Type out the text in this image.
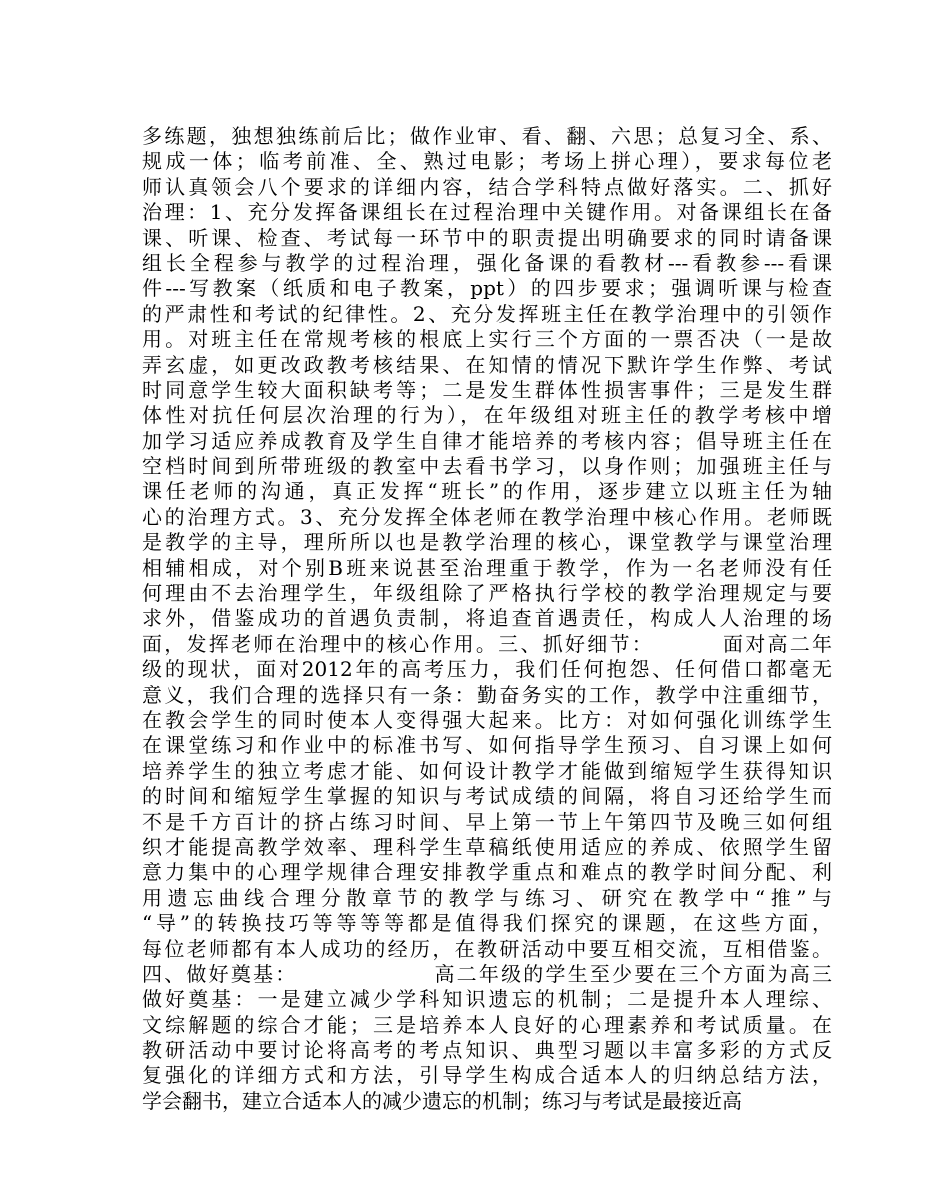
多练题，独想独练前后比；做作业审、看、翻、六思；总复习全、系、
规成一体；临考前准、全、熟过电影；考场上拼心理），要求每位老
师认真领会八个要求的详细内容，结合学科特点做好落实。二、抓好
治理：1、充分发挥备课组长在过程治理中关键作用。对备课组长在备
课、听课、检查、考试每一环节中的职责提出明确要求的同时请备课
组长全程参与教学的过程治理，强化备课的看教材---看教参---看课
件---写教案（纸质和电子教案，ppt）的四步要求；强调听课与检查
的严肃性和考试的纪律性。2、充分发挥班主任在教学治理中的引领作
用。对班主任在常规考核的根底上实行三个方面的一票否决（一是故
弄玄虚，如更改政教考核结果、在知情的情况下默许学生作弊、考试
时同意学生较大面积缺考等；二是发生群体性损害事件；三是发生群
体性对抗任何层次治理的行为），在年级组对班主任的教学考核中增
加学习适应养成教育及学生自律才能培养的考核内容；倡导班主任在
空档时间到所带班级的教室中去看书学习，以身作则；加强班主任与
课任老师的沟通，真正发挥“班长”的作用，逐步建立以班主任为轴
心的治理方式。3、充分发挥全体老师在教学治理中核心作用。老师既
是教学的主导，理所所以也是教学治理的核心，课堂教学与课堂治理
相辅相成，对个别B班来说甚至治理重于教学，作为一名老师没有任
何理由不去治理学生，年级组除了严格执行学校的教学治理规定与要
求外，借鉴成功的首遇负责制，将追查首遇责任，构成人人治理的场
面，发挥老师在治理中的核心作用。三、抓好细节：        面对高二年
级的现状，面对2012年的高考压力，我们任何抱怨、任何借口都毫无
意义，我们合理的选择只有一条：勤奋务实的工作，教学中注重细节，
在教会学生的同时使本人变得强大起来。比方：对如何强化训练学生
在课堂练习和作业中的标准书写、如何指导学生预习、自习课上如何
培养学生的独立考虑才能、如何设计教学才能做到缩短学生获得知识
的时间和缩短学生掌握的知识与考试成绩的间隔，将自习还给学生而
不是千方百计的挤占练习时间、早上第一节上午第四节及晚三如何组
织才能提高教学效率、理科学生草稿纸使用适应的养成、依照学生留
意力集中的心理学规律合理安排教学重点和难点的教学时间分配、利
用遗忘曲线合理分散章节的教学与练习、研究在教学中“推”与
“导”的转换技巧等等等等都是值得我们探究的课题，在这些方面，
每位老师都有本人成功的经历，在教研活动中要互相交流，互相借鉴。
四、做好奠基：                高二年级的学生至少要在三个方面为高三
做好奠基：一是建立减少学科知识遗忘的机制；二是提升本人理综、
文综解题的综合才能；三是培养本人良好的心理素养和考试质量。在
教研活动中要讨论将高考的考点知识、典型习题以丰富多彩的方式反
复强化的详细方式和方法，引导学生构成合适本人的归纳总结方法，
学会翻书，建立合适本人的减少遗忘的机制；练习与考试是最接近高
